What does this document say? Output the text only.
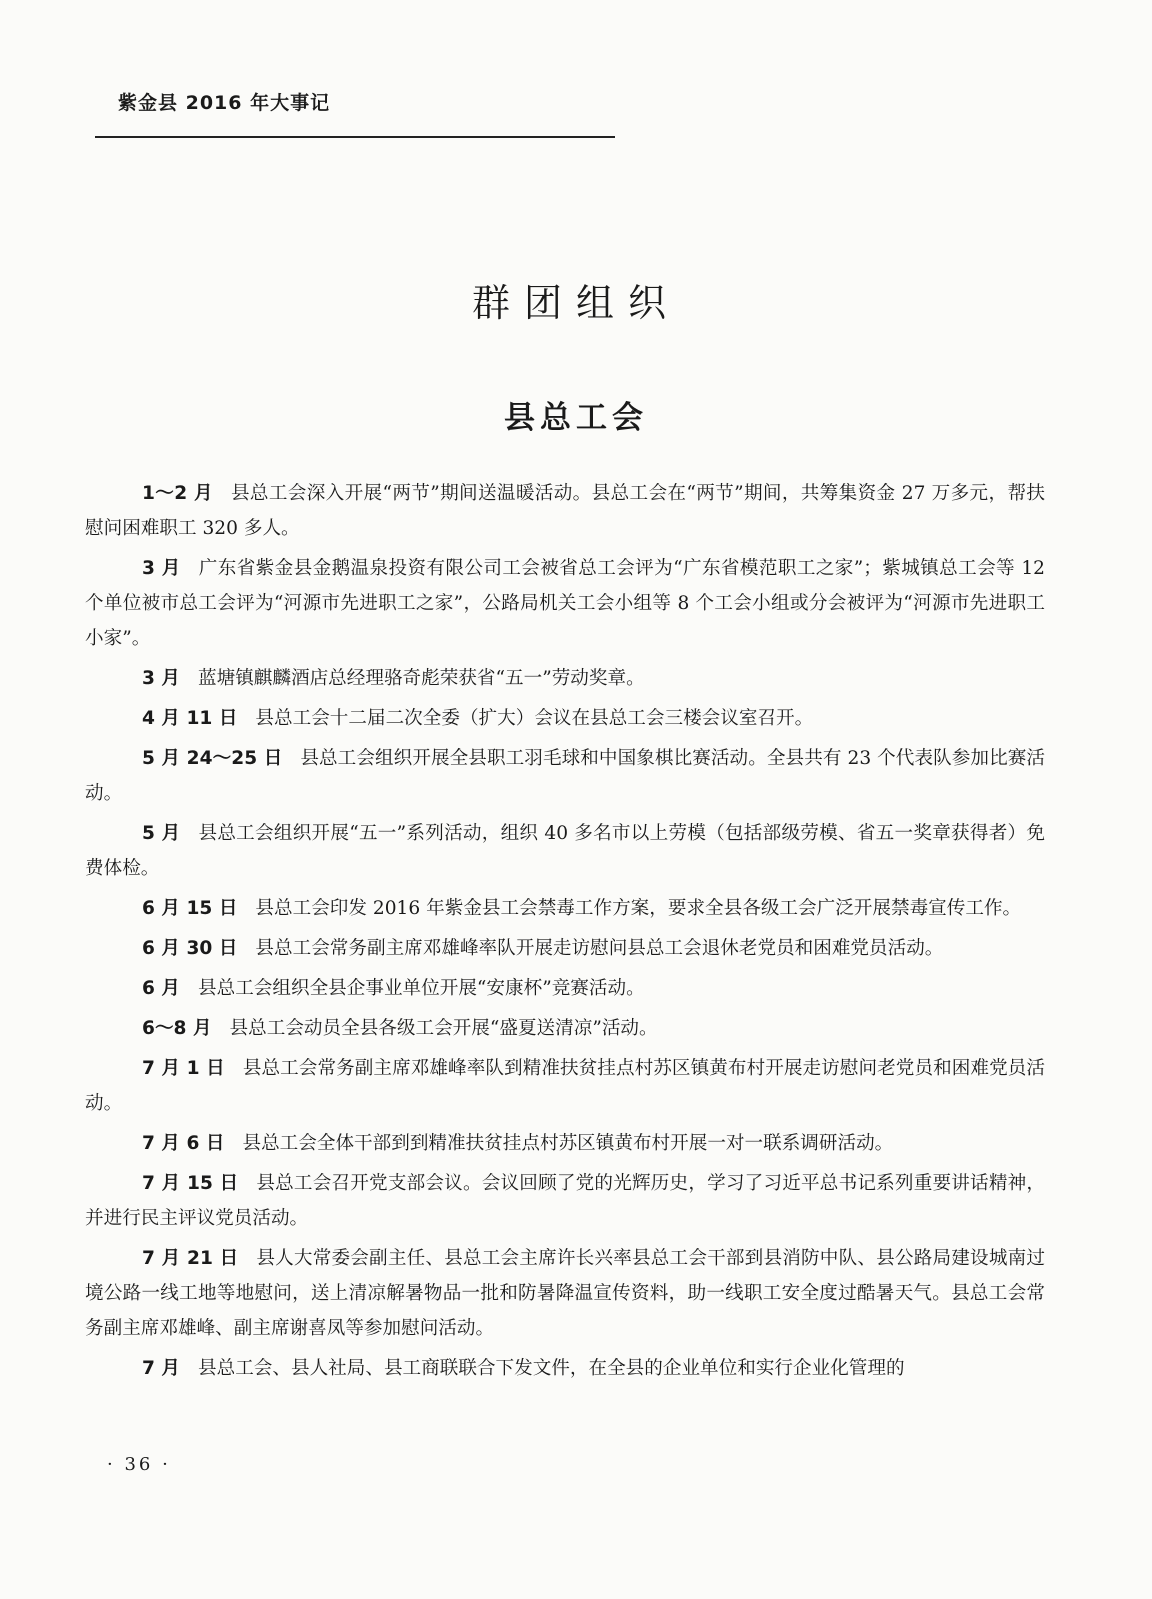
紫金县 2016 年大事记
群团组织
县总工会

1～2 月 县总工会深入开展“两节”期间送温暖活动。县总工会在“两节”期间，共筹集资金 27 万多元，帮扶慰问困难职工 320 多人。

3 月 广东省紫金县金鹅温泉投资有限公司工会被省总工会评为“广东省模范职工之家”；紫城镇总工会等 12 个单位被市总工会评为“河源市先进职工之家”，公路局机关工会小组等 8 个工会小组或分会被评为“河源市先进职工小家”。

3 月 蓝塘镇麒麟酒店总经理骆奇彪荣获省“五一”劳动奖章。

4 月 11 日 县总工会十二届二次全委（扩大）会议在县总工会三楼会议室召开。

5 月 24～25 日 县总工会组织开展全县职工羽毛球和中国象棋比赛活动。全县共有 23 个代表队参加比赛活动。

5 月 县总工会组织开展“五一”系列活动，组织 40 多名市以上劳模（包括部级劳模、省五一奖章获得者）免费体检。

6 月 15 日 县总工会印发 2016 年紫金县工会禁毒工作方案，要求全县各级工会广泛开展禁毒宣传工作。

6 月 30 日 县总工会常务副主席邓雄峰率队开展走访慰问县总工会退休老党员和困难党员活动。

6 月 县总工会组织全县企事业单位开展“安康杯”竞赛活动。

6～8 月 县总工会动员全县各级工会开展“盛夏送清凉”活动。

7 月 1 日 县总工会常务副主席邓雄峰率队到精准扶贫挂点村苏区镇黄布村开展走访慰问老党员和困难党员活动。

7 月 6 日 县总工会全体干部到到精准扶贫挂点村苏区镇黄布村开展一对一联系调研活动。

7 月 15 日 县总工会召开党支部会议。会议回顾了党的光辉历史，学习了习近平总书记系列重要讲话精神，并进行民主评议党员活动。

7 月 21 日 县人大常委会副主任、县总工会主席许长兴率县总工会干部到县消防中队、县公路局建设城南过境公路一线工地等地慰问，送上清凉解暑物品一批和防暑降温宣传资料，助一线职工安全度过酷暑天气。县总工会常务副主席邓雄峰、副主席谢喜凤等参加慰问活动。

7 月 县总工会、县人社局、县工商联联合下发文件，在全县的企业单位和实行企业化管理的

· 36 ·
